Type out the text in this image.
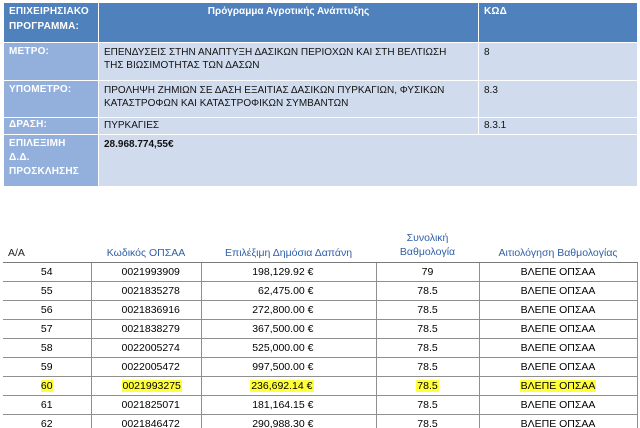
ΕΠΙΧΕΙΡΗΣΙΑΚΟ
ΠΡΟΓΡΑΜΜΑ:	Πρόγραμμα Αγροτικής Ανάπτυξης	ΚΩΔ
ΜΕΤΡΟ:	ΕΠΕΝΔΥΣΕΙΣ ΣΤΗΝ ΑΝΑΠΤΥΞΗ ΔΑΣΙΚΩΝ ΠΕΡΙΟΧΩΝ ΚΑΙ ΣΤΗ ΒΕΛΤΙΩΣΗ
ΤΗΣ ΒΙΩΣΙΜΟΤΗΤΑΣ ΤΩΝ ΔΑΣΩΝ	8
ΥΠΟΜΕΤΡΟ:	ΠΡΟΛΗΨΗ ΖΗΜΙΩΝ ΣΕ ΔΑΣΗ ΕΞΑΙΤΙΑΣ ΔΑΣΙΚΩΝ ΠΥΡΚΑΓΙΩΝ, ΦΥΣΙΚΩΝ
ΚΑΤΑΣΤΡΟΦΩΝ ΚΑΙ ΚΑΤΑΣΤΡΟΦΙΚΩΝ ΣΥΜΒΑΝΤΩΝ	8.3
ΔΡΑΣΗ:	ΠΥΡΚΑΓΙΕΣ	8.3.1

ΕΠΙΛΕΞΙΜΗ
Δ.Δ.
ΠΡΟΣΚΛΗΣΗΣ	28.968.774,55€	
Α/Α	Κωδικός ΟΠΣΑΑ	Επιλέξιμη Δημόσια Δαπάνη	Συνολική Βαθμολογία	Αιτιολόγηση Βαθμολογίας
54	0021993909	198,129.92 €	79	ΒΛΕΠΕ ΟΠΣΑΑ
55	0021835278	62,475.00 €	78.5	ΒΛΕΠΕ ΟΠΣΑΑ
56	0021836916	272,800.00 €	78.5	ΒΛΕΠΕ ΟΠΣΑΑ
57	0021838279	367,500.00 €	78.5	ΒΛΕΠΕ ΟΠΣΑΑ
58	0022005274	525,000.00 €	78.5	ΒΛΕΠΕ ΟΠΣΑΑ
59	0022005472	997,500.00 €	78.5	ΒΛΕΠΕ ΟΠΣΑΑ
60	0021993275	236,692.14 €	78.5	ΒΛΕΠΕ ΟΠΣΑΑ
61	0021825071	181,164.15 €	78.5	ΒΛΕΠΕ ΟΠΣΑΑ
62	0021846472	290,988.30 €	78.5	ΒΛΕΠΕ ΟΠΣΑΑ
